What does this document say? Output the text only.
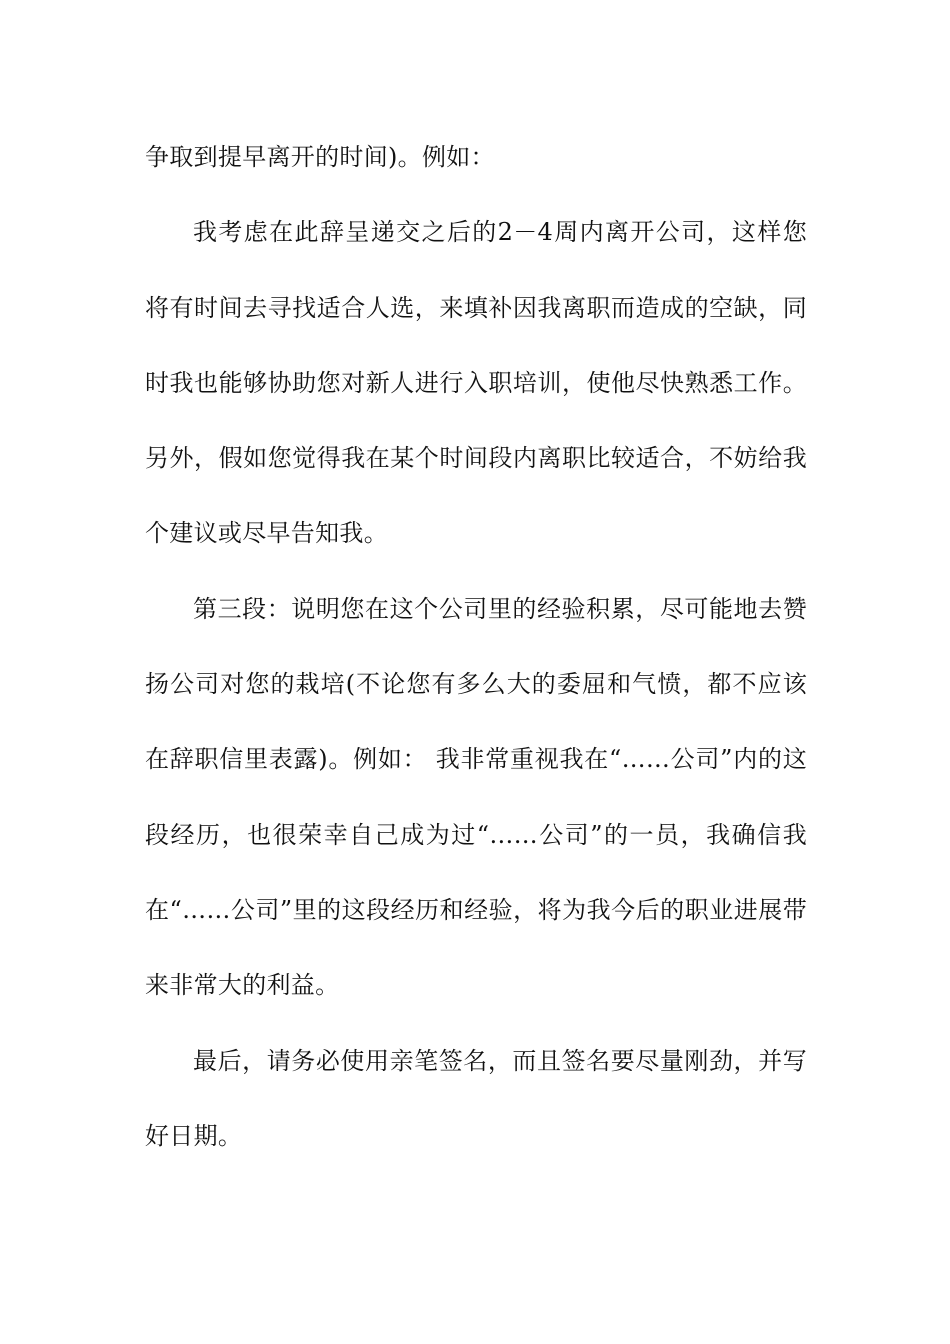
争取到提早离开的时间)。例如：

我考虑在此辞呈递交之后的2－4周内离开公司，这样您将有时间去寻找适合人选，来填补因我离职而造成的空缺，同时我也能够协助您对新人进行入职培训，使他尽快熟悉工作。另外，假如您觉得我在某个时间段内离职比较适合，不妨给我个建议或尽早告知我。

第三段：说明您在这个公司里的经验积累，尽可能地去赞扬公司对您的栽培(不论您有多么大的委屈和气愤，都不应该在辞职信里表露)。例如： 我非常重视我在“……公司”内的这段经历，也很荣幸自己成为过“……公司”的一员，我确信我在“……公司”里的这段经历和经验，将为我今后的职业进展带来非常大的利益。

最后，请务必使用亲笔签名，而且签名要尽量刚劲，并写好日期。
